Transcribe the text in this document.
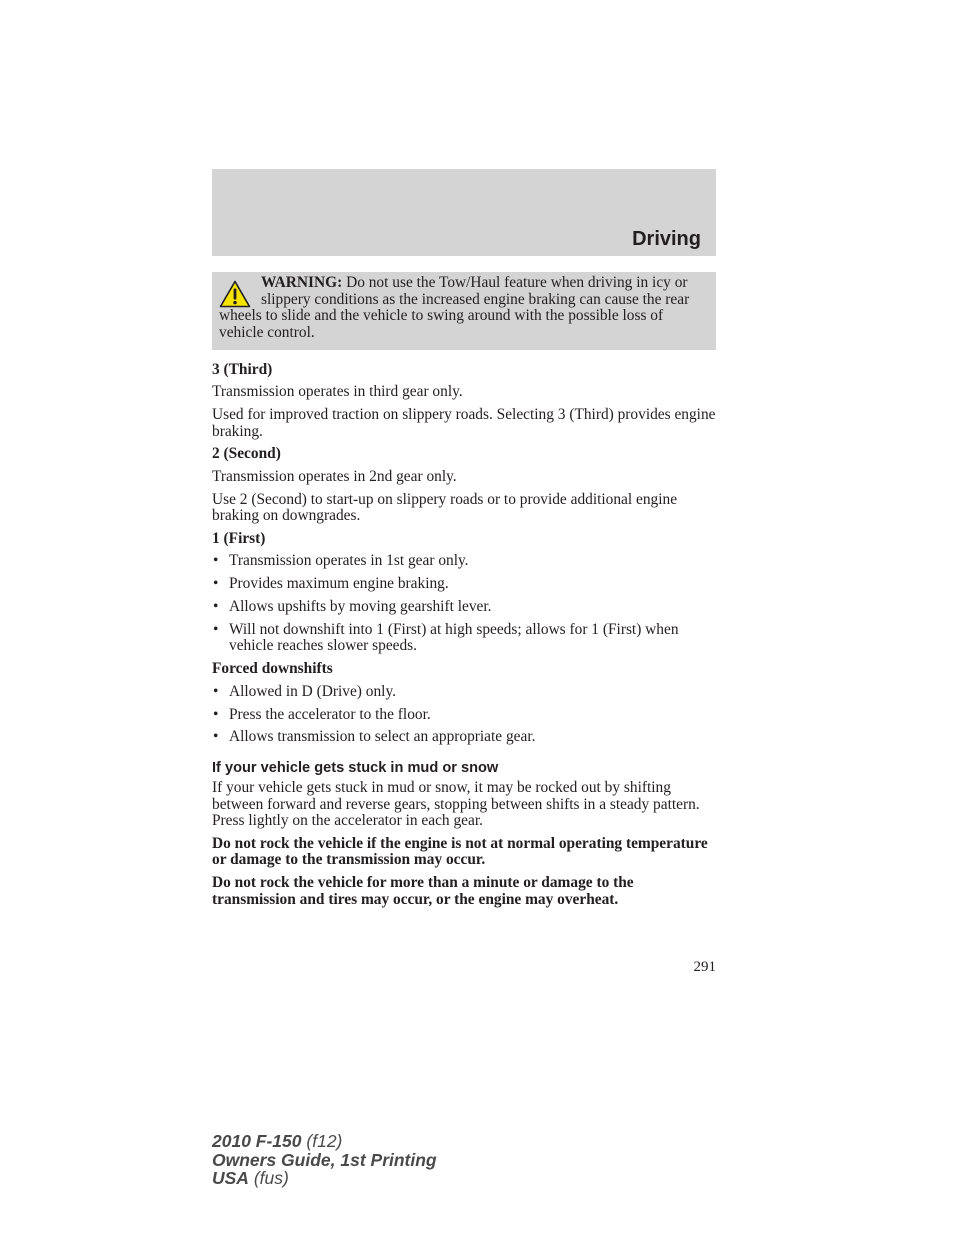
Driving
WARNING: Do not use the Tow/Haul feature when driving in icy or slippery conditions as the increased engine braking can cause the rear wheels to slide and the vehicle to swing around with the possible loss of vehicle control.
3 (Third)

Transmission operates in third gear only.

Used for improved traction on slippery roads. Selecting 3 (Third) provides engine braking.

2 (Second)

Transmission operates in 2nd gear only.

Use 2 (Second) to start-up on slippery roads or to provide additional engine braking on downgrades.

1 (First)
• Transmission operates in 1st gear only.
• Provides maximum engine braking.
• Allows upshifts by moving gearshift lever.
• Will not downshift into 1 (First) at high speeds; allows for 1 (First) when vehicle reaches slower speeds.
Forced downshifts
• Allowed in D (Drive) only.
• Press the accelerator to the floor.
• Allows transmission to select an appropriate gear.
If your vehicle gets stuck in mud or snow

If your vehicle gets stuck in mud or snow, it may be rocked out by shifting between forward and reverse gears, stopping between shifts in a steady pattern. Press lightly on the accelerator in each gear.

Do not rock the vehicle if the engine is not at normal operating temperature or damage to the transmission may occur.

Do not rock the vehicle for more than a minute or damage to the transmission and tires may occur, or the engine may overheat.

291
2010 F-150 (f12)
Owners Guide, 1st Printing
USA (fus)
